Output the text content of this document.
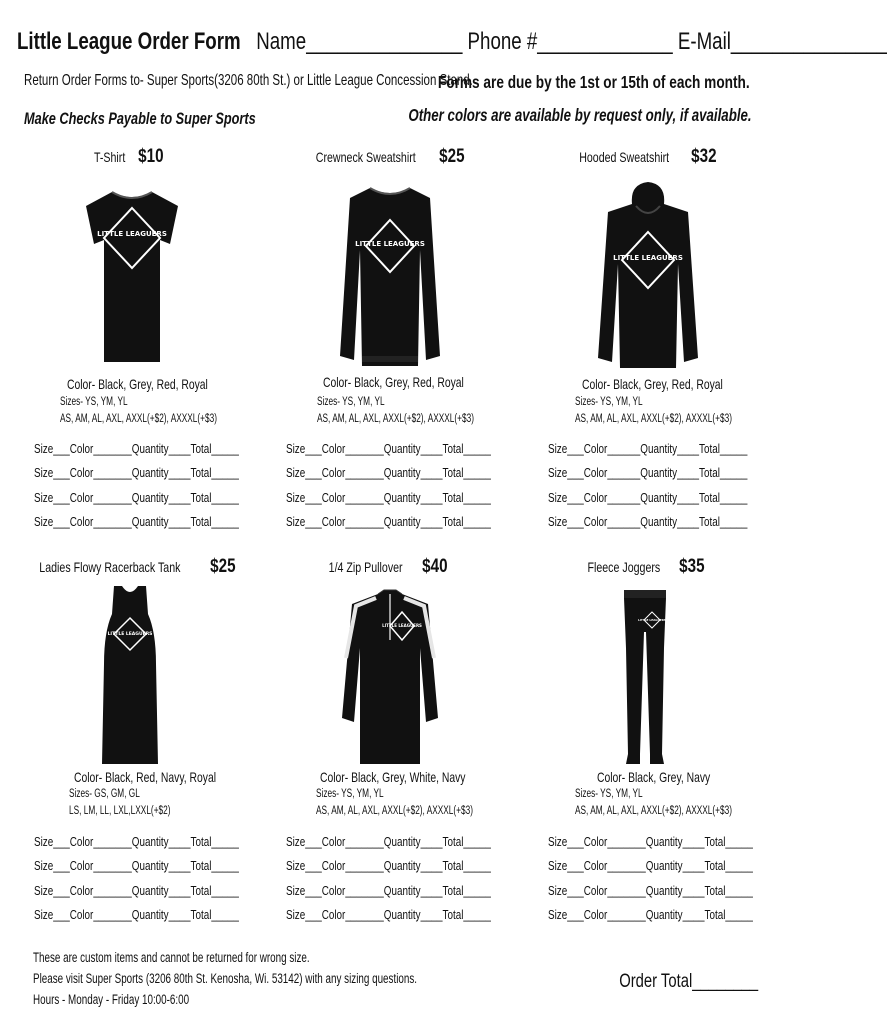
Little League Order Form Name_______________ Phone #_____________ E-Mail_______________
Return Order Forms to- Super Sports(3206 80th St.) or Little League Concession Stand.
Make Checks Payable to Super Sports
Forms are due by the 1st or 15th of each month.
Other colors are available by request only, if available.
T-Shirt $10
LITTLE LEAGUERS
Crewneck Sweatshirt $25
LITTLE LEAGUERS
Hooded Sweatshirt $32
LITTLE LEAGUERS
Color- Black, Grey, Red, Royal
Sizes- YS, YM, YL
AS, AM, AL, AXL, AXXL(+$2), AXXXL(+$3)
Color- Black, Grey, Red, Royal
Sizes- YS, YM, YL
AS, AM, AL, AXL, AXXL(+$2), AXXXL(+$3)
Color- Black, Grey, Red, Royal
Sizes- YS, YM, YL
AS, AM, AL, AXL, AXXL(+$2), AXXXL(+$3)
Size___Color_______Quantity____Total_____
Size___Color_______Quantity____Total_____
Size___Color_______Quantity____Total_____
Size___Color_______Quantity____Total_____
Size___Color_______Quantity____Total_____
Size___Color_______Quantity____Total_____
Size___Color_______Quantity____Total_____
Size___Color_______Quantity____Total_____
Size___Color______Quantity____Total_____
Size___Color______Quantity____Total_____
Size___Color______Quantity____Total_____
Size___Color______Quantity____Total_____
Ladies Flowy Racerback Tank $25
LITTLE LEAGUERS
1/4 Zip Pullover $40
LITTLE LEAGUERS
Fleece Joggers $35
LITTLE LEAGUERS
Color- Black, Red, Navy, Royal
Sizes- GS, GM, GL
LS, LM, LL, LXL,LXXL(+$2)
Color- Black, Grey, White, Navy
Sizes- YS, YM, YL
AS, AM, AL, AXL, AXXL(+$2), AXXXL(+$3)
Color- Black, Grey, Navy
Sizes- YS, YM, YL
AS, AM, AL, AXL, AXXL(+$2), AXXXL(+$3)
Size___Color_______Quantity____Total_____
Size___Color_______Quantity____Total_____
Size___Color_______Quantity____Total_____
Size___Color_______Quantity____Total_____
Size___Color_______Quantity____Total_____
Size___Color_______Quantity____Total_____
Size___Color_______Quantity____Total_____
Size___Color_______Quantity____Total_____
Size___Color_______Quantity____Total_____
Size___Color_______Quantity____Total_____
Size___Color_______Quantity____Total_____
Size___Color_______Quantity____Total_____
These are custom items and cannot be returned for wrong size.
Please visit Super Sports (3206 80th St. Kenosha, Wi. 53142) with any sizing questions.
Hours - Monday - Friday 10:00-6:00
Order Total________
